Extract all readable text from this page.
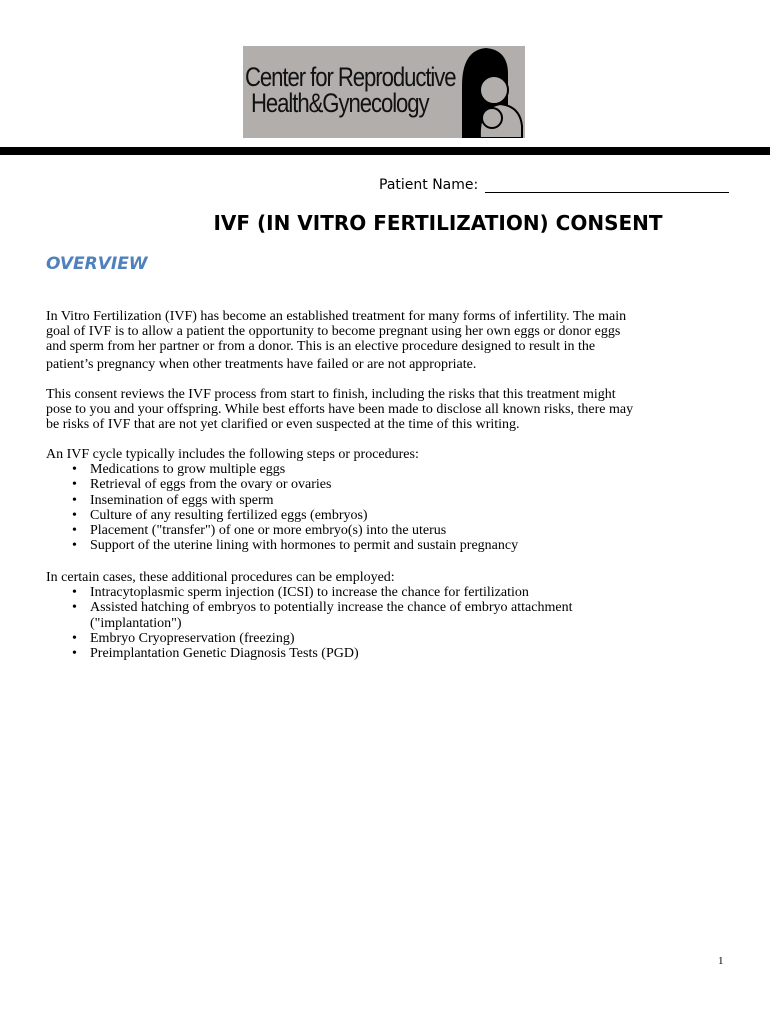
Center for Reproductive
Health&Gynecology
Patient Name:
IVF (IN VITRO FERTILIZATION) CONSENT
OVERVIEW
In Vitro Fertilization (IVF) has become an established treatment for many forms of infertility. The main
goal of IVF is to allow a patient the opportunity to become pregnant using her own eggs or donor eggs
and sperm from her partner or from a donor. This is an elective procedure designed to result in the
patient’s pregnancy when other treatments have failed or are not appropriate.
This consent reviews the IVF process from start to finish, including the risks that this treatment might
pose to you and your offspring. While best efforts have been made to disclose all known risks, there may
be risks of IVF that are not yet clarified or even suspected at the time of this writing.
An IVF cycle typically includes the following steps or procedures:
• Medications to grow multiple eggs
• Retrieval of eggs from the ovary or ovaries
• Insemination of eggs with sperm
• Culture of any resulting fertilized eggs (embryos)
• Placement ("transfer") of one or more embryo(s) into the uterus
• Support of the uterine lining with hormones to permit and sustain pregnancy
In certain cases, these additional procedures can be employed:
• Intracytoplasmic sperm injection (ICSI) to increase the chance for fertilization
• Assisted hatching of embryos to potentially increase the chance of embryo attachment
("implantation")
• Embryo Cryopreservation (freezing)
• Preimplantation Genetic Diagnosis Tests (PGD)
1
